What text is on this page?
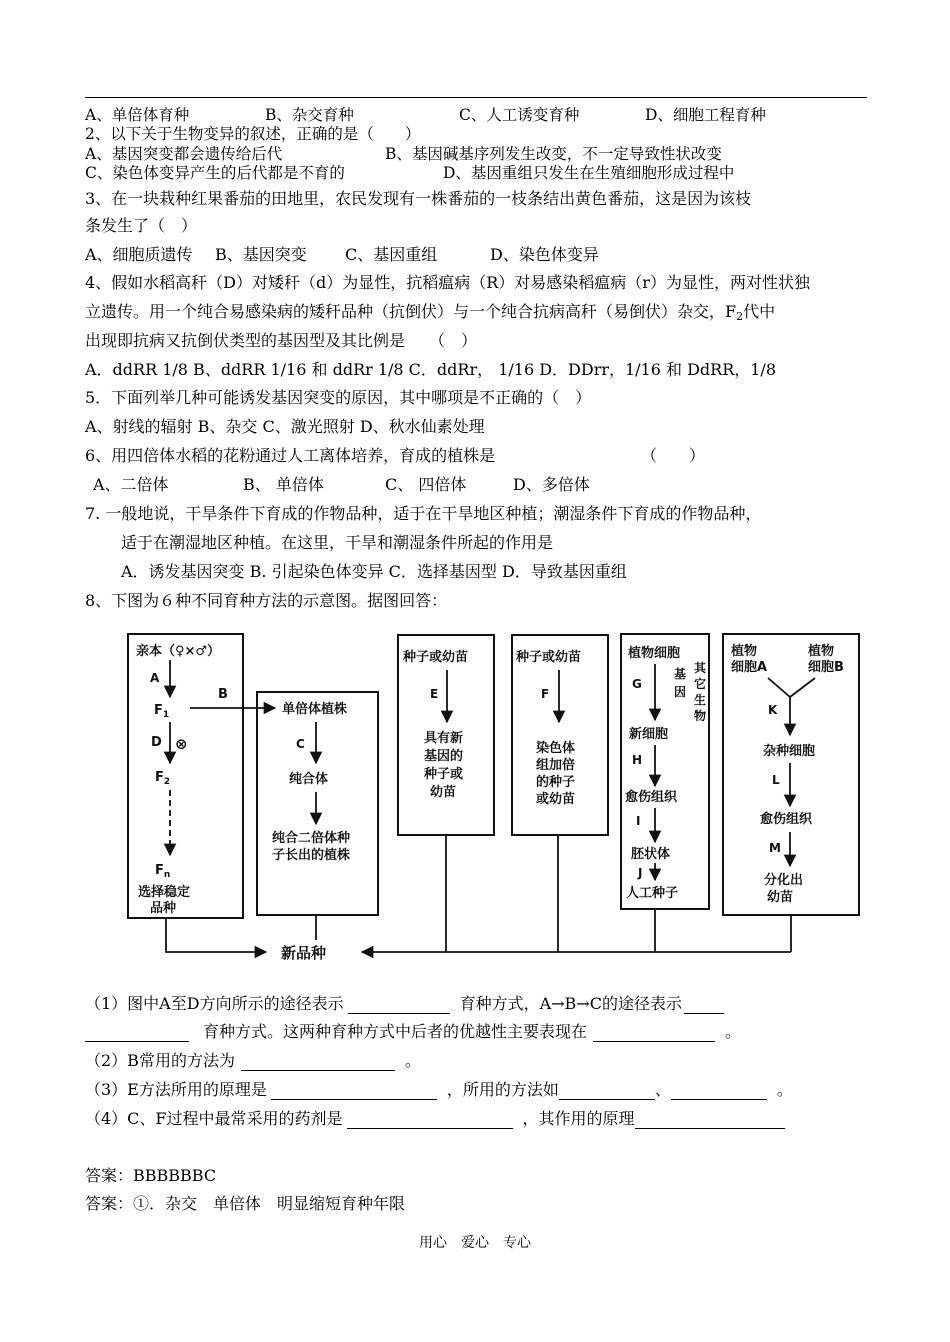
A、单倍体育种	B、杂交育种	C、人工诱变育种	D、细胞工程育种
2、以下关于生物变异的叙述，正确的是（　　）
A、基因突变都会遗传给后代	B、基因碱基序列发生改变，不一定导致性状改变
C、染色体变异产生的后代都是不育的	D、基因重组只发生在生殖细胞形成过程中
3、在一块栽种红果番茄的田地里，农民发现有一株番茄的一枝条结出黄色番茄，这是因为该枝
条发生了（　）
A、细胞质遗传 B、基因突变 C、基因重组	D、染色体变异
4、假如水稻高秆（D）对矮秆（d）为显性，抗稻瘟病（R）对易感染稻瘟病（r）为显性，两对性状独
立遗传。用一个纯合易感染病的矮秆品种（抗倒伏）与一个纯合抗病高秆（易倒伏）杂交，$F_2$代中
出现即抗病又抗倒伏类型的基因型及其比例是　　（　）
A．ddRR 1/8 B、ddRR 1/16 和 ddRr 1/8 C．ddRr， 1/16 D．DDrr，1/16 和 DdRR，1/8
5．下面列举几种可能诱发基因突变的原因，其中哪项是不正确的（　）
A、射线的辐射 B、杂交 C、激光照射 D、秋水仙素处理
6、用四倍体水稻的花粉通过人工离体培养，育成的植株是	（　　）
A、二倍体	B、 单倍体	C、 四倍体	D、多倍体
7. 一般地说，干旱条件下育成的作物品种，适于在干旱地区种植；潮湿条件下育成的作物品种，
适于在潮湿地区种植。在这里，干旱和潮湿条件所起的作用是
A．诱发基因突变 B. 引起染色体变异 C．选择基因型 D．导致基因重组
8、下图为６种不同育种方法的示意图。据图回答：
亲本（♀×♂）
A
$F_1$
D ⊗
$F_2$
$F_n$
选择稳定
品种
B
单倍体植株
C
纯合体
纯合二倍体种
子长出的植株
种子或幼苗
E
具有新
基因的
种子或
幼苗
种子或幼苗
F
染色体
组加倍
的种子
或幼苗
植物细胞
G
基
因
其
它
生
物
新细胞
H
愈伤组织
I
胚状体
J
人工种子
植物
细胞A
植物
细胞B
K
杂种细胞
L
愈伤组织
M
分化出
幼苗
新品种
（1）图中A至D方向所示的途径表示	育种方式，A→B→C的途径表示
育种方式。这两种育种方式中后者的优越性主要表现在	。
（2）B常用的方法为	。
（3）E方法所用的原理是	，所用的方法如	、	。
（4）C、F过程中最常采用的药剂是	，其作用的原理
答案：BBBBBBC
答案：①．杂交　单倍体　明显缩短育种年限
用心　爱心　专心
